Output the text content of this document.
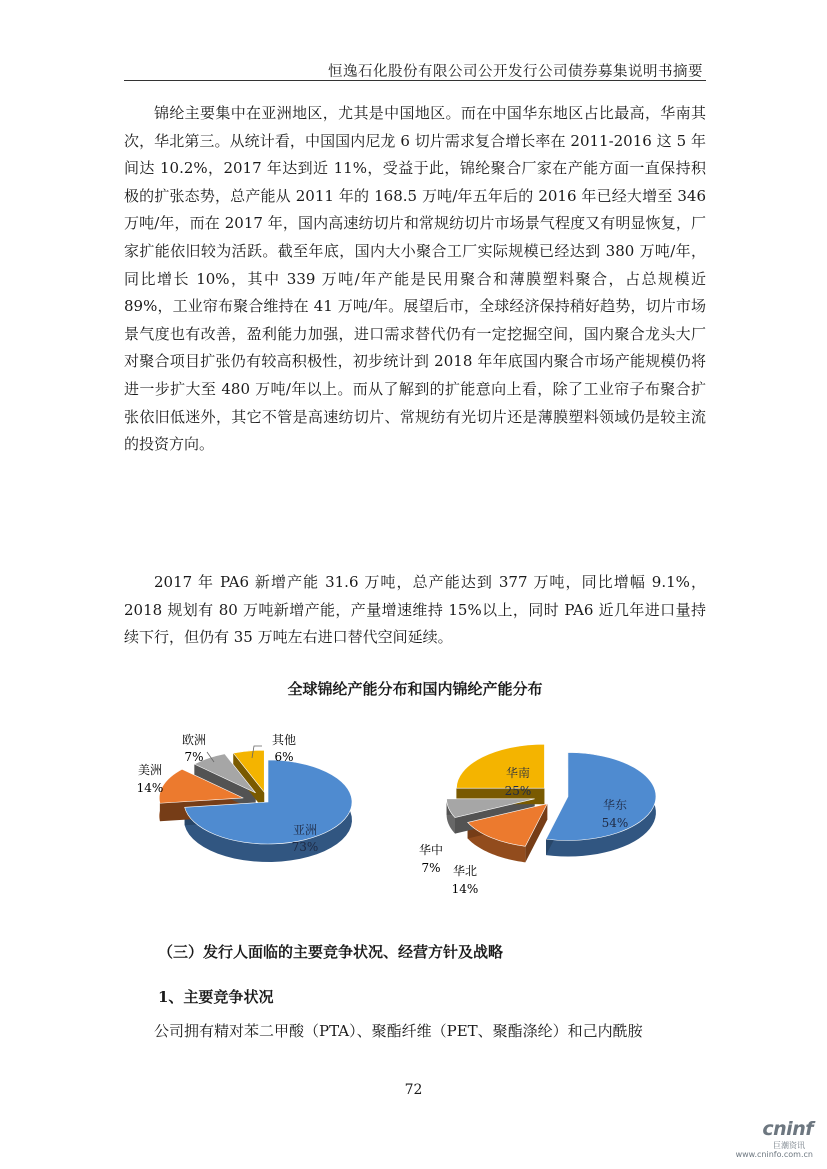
恒逸石化股份有限公司公开发行公司债券募集说明书摘要

锦纶主要集中在亚洲地区，尤其是中国地区。而在中国华东地区占比最高，华南其次，华北第三。从统计看，中国国内尼龙 6 切片需求复合增长率在 2011-2016 这 5 年间达 10.2%，2017 年达到近 11%，受益于此，锦纶聚合厂家在产能方面一直保持积极的扩张态势，总产能从 2011 年的 168.5 万吨/年五年后的 2016 年已经大增至 346 万吨/年，而在 2017 年，国内高速纺切片和常规纺切片市场景气程度又有明显恢复，厂家扩能依旧较为活跃。截至年底，国内大小聚合工厂实际规模已经达到 380 万吨/年，同比增长 10%，其中 339 万吨/年产能是民用聚合和薄膜塑料聚合，占总规模近 89%，工业帘布聚合维持在 41 万吨/年。展望后市，全球经济保持稍好趋势，切片市场景气度也有改善，盈利能力加强，进口需求替代仍有一定挖掘空间，国内聚合龙头大厂对聚合项目扩张仍有较高积极性，初步统计到 2018 年年底国内聚合市场产能规模仍将进一步扩大至 480 万吨/年以上。而从了解到的扩能意向上看，除了工业帘子布聚合扩张依旧低迷外，其它不管是高速纺切片、常规纺有光切片还是薄膜塑料领域仍是较主流的投资方向。

2017 年 PA6 新增产能 31.6 万吨，总产能达到 377 万吨，同比增幅 9.1%，2018 规划有 80 万吨新增产能，产量增速维持 15%以上，同时 PA6 近几年进口量持续下行，但仍有 35 万吨左右进口替代空间延续。

全球锦纶产能分布和国内锦纶产能分布
亚洲
73%
美洲
14%
欧洲
7%
其他
6%
华东
54%
华北
14%
华中
7%
华南
25%
（三）发行人面临的主要竞争状况、经营方针及战略
1、主要竞争状况

公司拥有精对苯二甲酸（PTA）、聚酯纤维（PET、聚酯涤纶）和己内酰胺

72
cninf
巨潮资讯
www.cninfo.com.cn
